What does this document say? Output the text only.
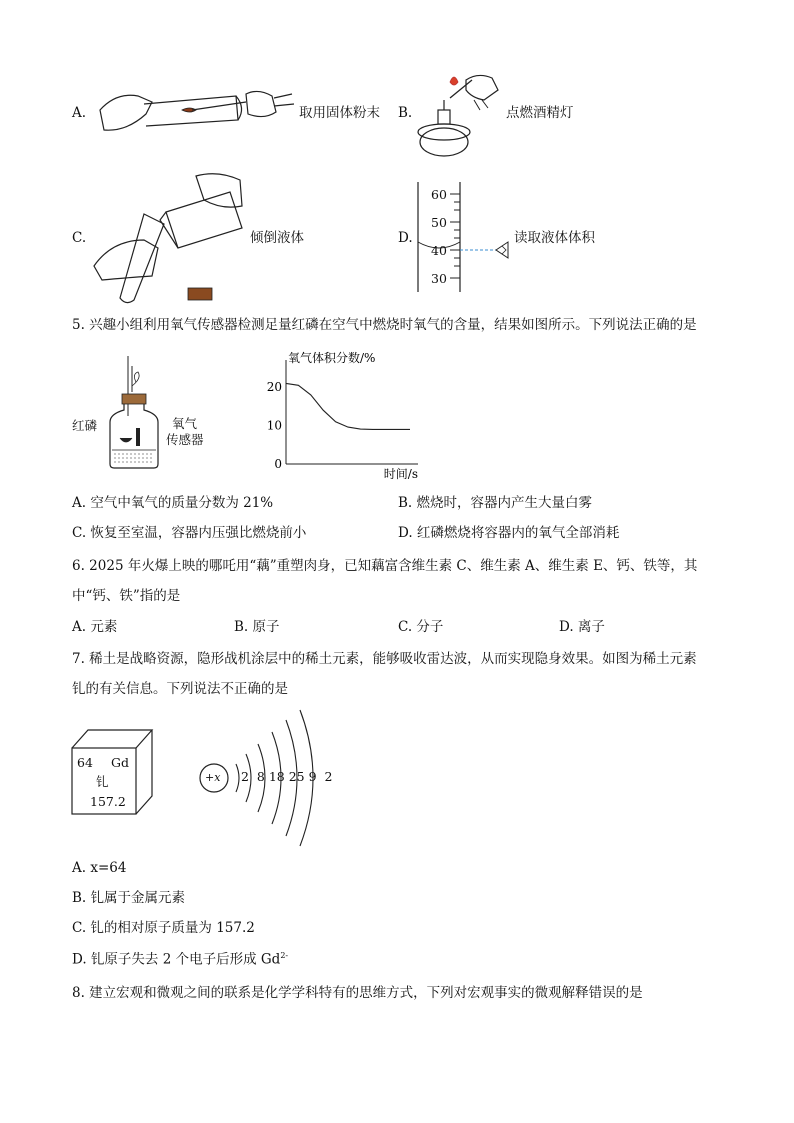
A.	取用固体粉末 B.	点燃酒精灯
C.	倾倒液体	D.
60
50
40
30
读取液体体积
5. 兴趣小组利用氧气传感器检测足量红磷在空气中燃烧时氧气的含量，结果如图所示。下列说法正确的是
红磷	氧气
传感器
20
10
0
氧气体积分数/%
时间/s
A. 空气中氧气的质量分数为 21%	B. 燃烧时，容器内产生大量白雾
C. 恢复至室温，容器内压强比燃烧前小	D. 红磷燃烧将容器内的氧气全部消耗
6. 2025 年火爆上映的哪吒用“藕”重塑肉身，已知藕富含维生素 C、维生素 A、维生素 E、钙、铁等，其
中“钙、铁”指的是
A. 元素	B. 原子	C. 分子	D. 离子
7. 稀土是战略资源，隐形战机涂层中的稀土元素，能够吸收雷达波，从而实现隐身效果。如图为稀土元素
钆的有关信息。下列说法不正确的是
64 Gd
钆
157.2
+x 2  8 18 25 9  2
A. x=64
B. 钆属于金属元素
C. 钆的相对原子质量为 157.2
D. 钆原子失去 2 个电子后形成 $Gd^{2-}$
8. 建立宏观和微观之间的联系是化学学科特有的思维方式，下列对宏观事实的微观解释错误的是
